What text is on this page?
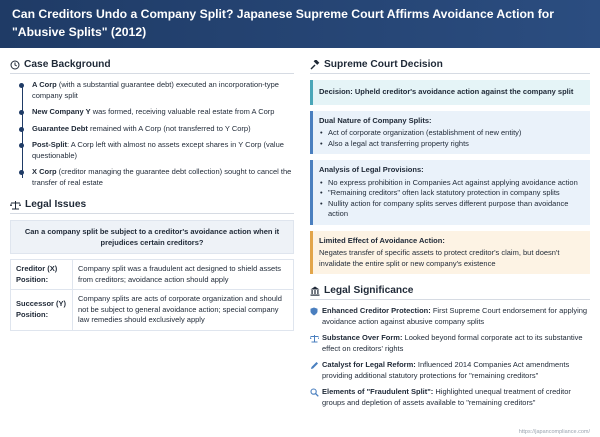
Can Creditors Undo a Company Split? Japanese Supreme Court Affirms Avoidance Action for "Abusive Splits" (2012)
Case Background
A Corp (with a substantial guarantee debt) executed an incorporation-type company split
New Company Y was formed, receiving valuable real estate from A Corp
Guarantee Debt remained with A Corp (not transferred to Y Corp)
Post-Split: A Corp left with almost no assets except shares in Y Corp (value questionable)
X Corp (creditor managing the guarantee debt collection) sought to cancel the transfer of real estate
Legal Issues
Can a company split be subject to a creditor's avoidance action when it prejudices certain creditors?
Creditor (X) Position:	Company split was a fraudulent act designed to shield assets from creditors; avoidance action should apply
Successor (Y) Position:	Company splits are acts of corporate organization and should not be subject to general avoidance action; special company law remedies should exclusively apply
Supreme Court Decision
Decision: Upheld creditor's avoidance action against the company split
Dual Nature of Company Splits:
• Act of corporate organization (establishment of new entity)
• Also a legal act transferring property rights
Analysis of Legal Provisions:
• No express prohibition in Companies Act against applying avoidance action
• "Remaining creditors" often lack statutory protection in company splits
• Nullity action for company splits serves different purpose than avoidance action
Limited Effect of Avoidance Action:
Negates transfer of specific assets to protect creditor's claim, but doesn't invalidate the entire split or new company's existence
Legal Significance
Enhanced Creditor Protection: First Supreme Court endorsement for applying avoidance action against abusive company splits
Substance Over Form: Looked beyond formal corporate act to its substantive effect on creditors' rights
Catalyst for Legal Reform: Influenced 2014 Companies Act amendments providing additional statutory protections for "remaining creditors"
Elements of "Fraudulent Split": Highlighted unequal treatment of creditor groups and depletion of assets available to "remaining creditors"
https://japancompliance.com/
